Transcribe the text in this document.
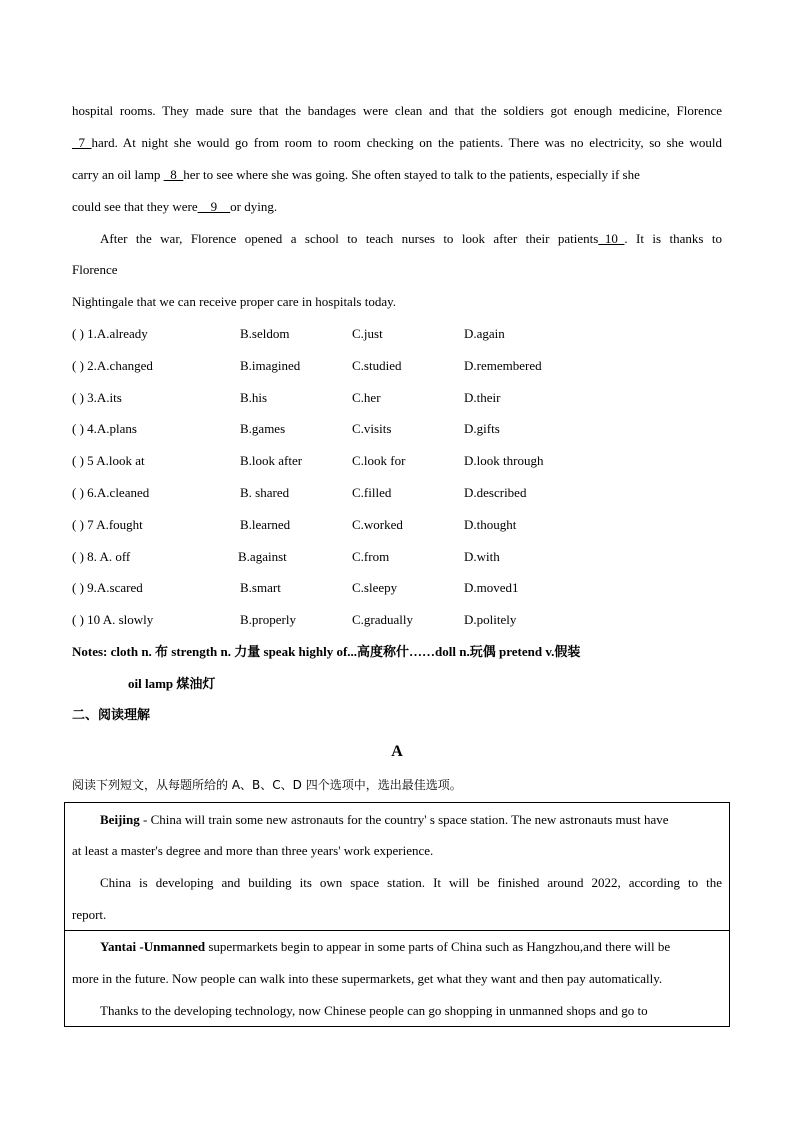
hospital rooms. They made sure that the bandages were clean and that the soldiers got enough medicine, Florence
_7_hard. At night she would go from room to room checking on the patients. There was no electricity, so she would
carry an oil lamp _8_her to see where she was going. She often stayed to talk to the patients, especially if she
could see that they were__9__or dying.
After the war, Florence opened a school to teach nurses to look after their patients_10_. It is thanks to
Florence
Nightingale that we can receive proper care in hospitals today.
( ) 1.A.already	B.seldom	C.just	D.again
( ) 2.A.changed	B.imagined	C.studied	D.remembered
( ) 3.A.its	B.his	C.her	D.their
( ) 4.A.plans	B.games	C.visits	D.gifts
( ) 5 A.look at	B.look after	C.look for	D.look through
( ) 6.A.cleaned	B. shared	C.filled	D.described
( ) 7 A.fought	B.learned	C.worked	D.thought
( ) 8. A. off	B.against	C.from	D.with
( ) 9.A.scared	B.smart	C.sleepy	D.moved1
( ) 10 A. slowly	B.properly	C.gradually	D.politely
Notes: cloth n. 布 strength n. 力量 speak highly of...高度称什……doll n.玩偶 pretend v.假装
oil lamp 煤油灯
二、阅读理解
A
阅读下列短文，从每题所给的 A、B、C、D 四个选项中，选出最佳选项。
Beijing - China will train some new astronauts for the country' s space station. The new astronauts must have
at least a master's degree and more than three years' work experience.
China is developing and building its own space station. It will be finished around 2022, according to the
report.
Yantai -Unmanned supermarkets begin to appear in some parts of China such as Hangzhou,and there will be
more in the future. Now people can walk into these supermarkets, get what they want and then pay automatically.
Thanks to the developing technology, now Chinese people can go shopping in unmanned shops and go to
